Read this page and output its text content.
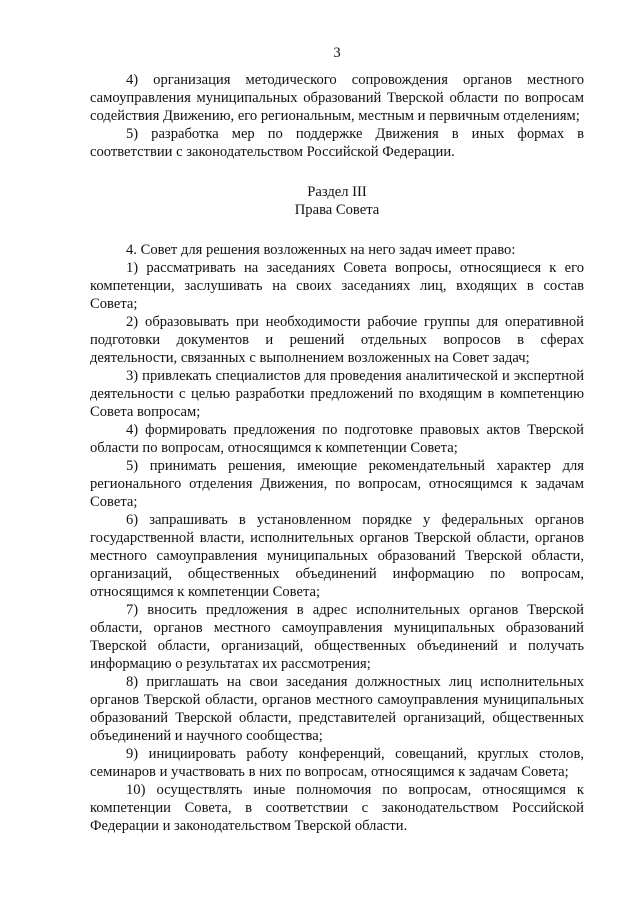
3

4) организация методического сопровождения органов местного самоуправления муниципальных образований Тверской области по вопросам содействия Движению, его региональным, местным и первичным отделениям;

5) разработка мер по поддержке Движения в иных формах в соответствии с законодательством Российской Федерации.

Раздел III

Права Совета

4. Совет для решения возложенных на него задач имеет право:

1) рассматривать на заседаниях Совета вопросы, относящиеся к его компетенции, заслушивать на своих заседаниях лиц, входящих в состав Совета;

2) образовывать при необходимости рабочие группы для оперативной подготовки документов и решений отдельных вопросов в сферах деятельности, связанных с выполнением возложенных на Совет задач;

3) привлекать специалистов для проведения аналитической и экспертной деятельности с целью разработки предложений по входящим в компетенцию Совета вопросам;

4) формировать предложения по подготовке правовых актов Тверской области по вопросам, относящимся к компетенции Совета;

5) принимать решения, имеющие рекомендательный характер для регионального отделения Движения, по вопросам, относящимся к задачам Совета;

6) запрашивать в установленном порядке у федеральных органов государственной власти, исполнительных органов Тверской области, органов местного самоуправления муниципальных образований Тверской области, организаций, общественных объединений информацию по вопросам, относящимся к компетенции Совета;

7) вносить предложения в адрес исполнительных органов Тверской области, органов местного самоуправления муниципальных образований Тверской области, организаций, общественных объединений и получать информацию о результатах их рассмотрения;

8) приглашать на свои заседания должностных лиц исполнительных органов Тверской области, органов местного самоуправления муниципальных образований Тверской области, представителей организаций, общественных объединений и научного сообщества;

9) инициировать работу конференций, совещаний, круглых столов, семинаров и участвовать в них по вопросам, относящимся к задачам Совета;

10) осуществлять иные полномочия по вопросам, относящимся к компетенции Совета, в соответствии с законодательством Российской Федерации и законодательством Тверской области.
